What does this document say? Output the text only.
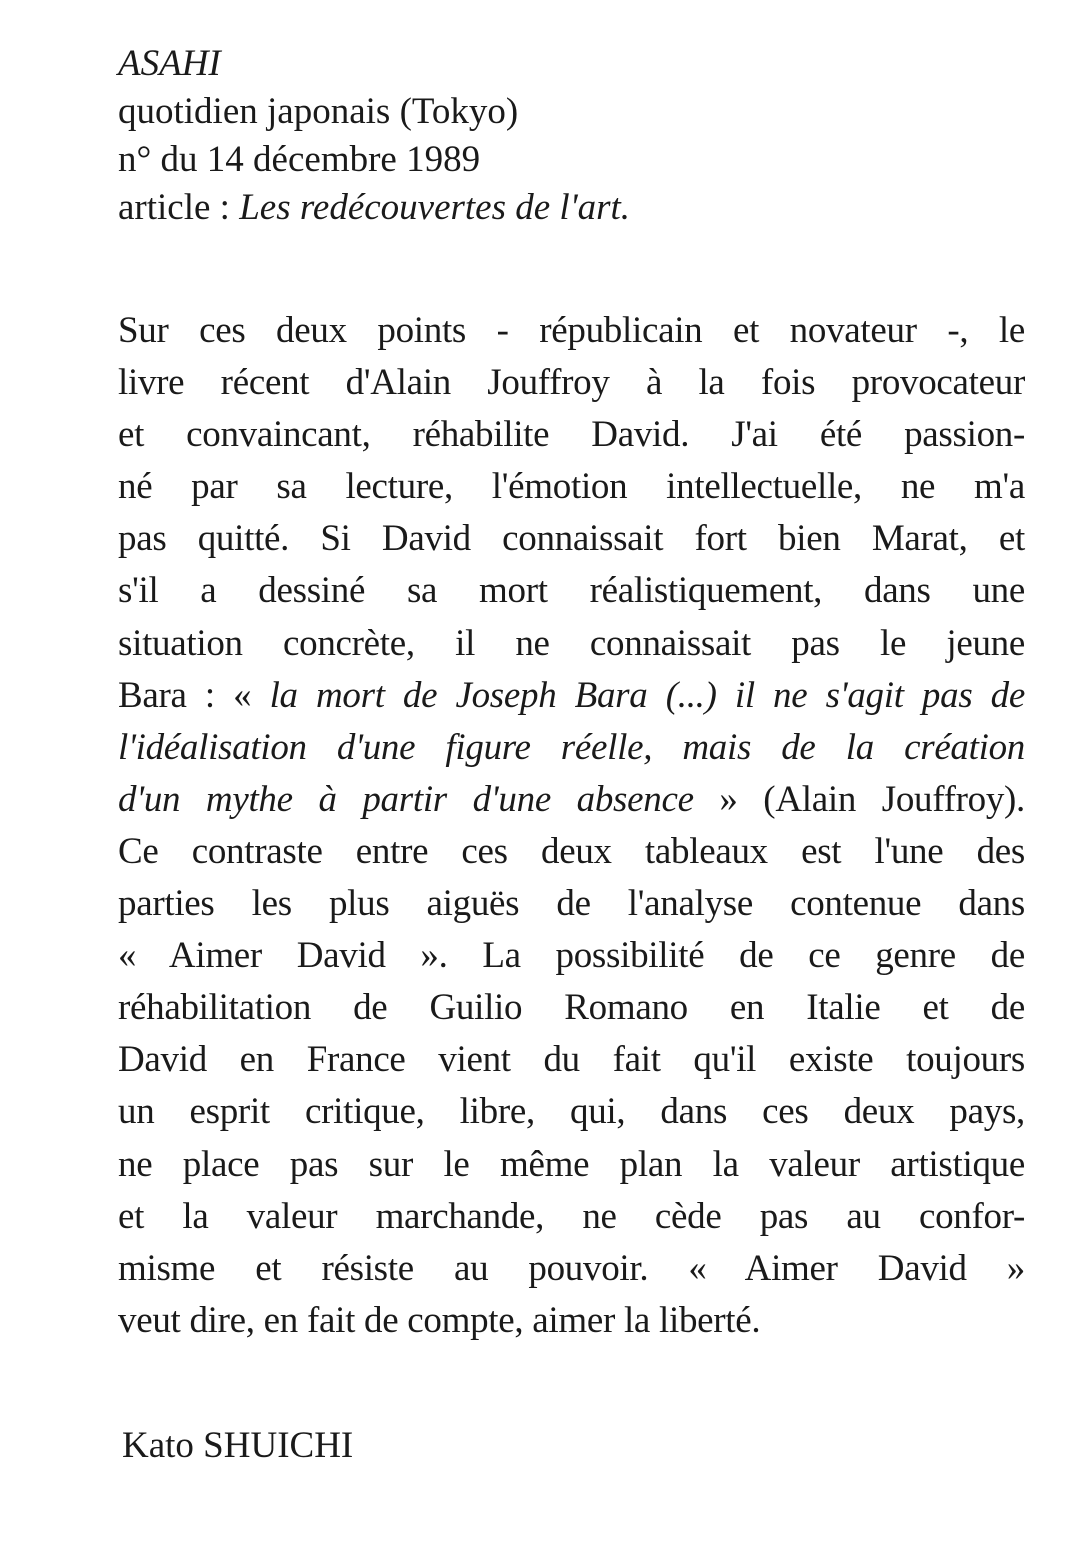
ASAHI
quotidien japonais (Tokyo)
n° du 14 décembre 1989
article : Les redécouvertes de l'art.
Sur ces deux points - républicain et novateur -, le
livre récent d'Alain Jouffroy à la fois provocateur
et convaincant, réhabilite David. J'ai été passion-
né par sa lecture, l'émotion intellectuelle, ne m'a
pas quitté. Si David connaissait fort bien Marat, et
s'il a dessiné sa mort réalistiquement, dans une
situation concrète, il ne connaissait pas le jeune
Bara : « la mort de Joseph Bara (...) il ne s'agit pas de
l'idéalisation d'une figure réelle, mais de la création
d'un mythe à partir d'une absence » (Alain Jouffroy).
Ce contraste entre ces deux tableaux est l'une des
parties les plus aiguës de l'analyse contenue dans
« Aimer David ». La possibilité de ce genre de
réhabilitation de Guilio Romano en Italie et de
David en France vient du fait qu'il existe toujours
un esprit critique, libre, qui, dans ces deux pays,
ne place pas sur le même plan la valeur artistique
et la valeur marchande, ne cède pas au confor-
misme et résiste au pouvoir. « Aimer David »
veut dire, en fait de compte, aimer la liberté.
Kato SHUICHI
